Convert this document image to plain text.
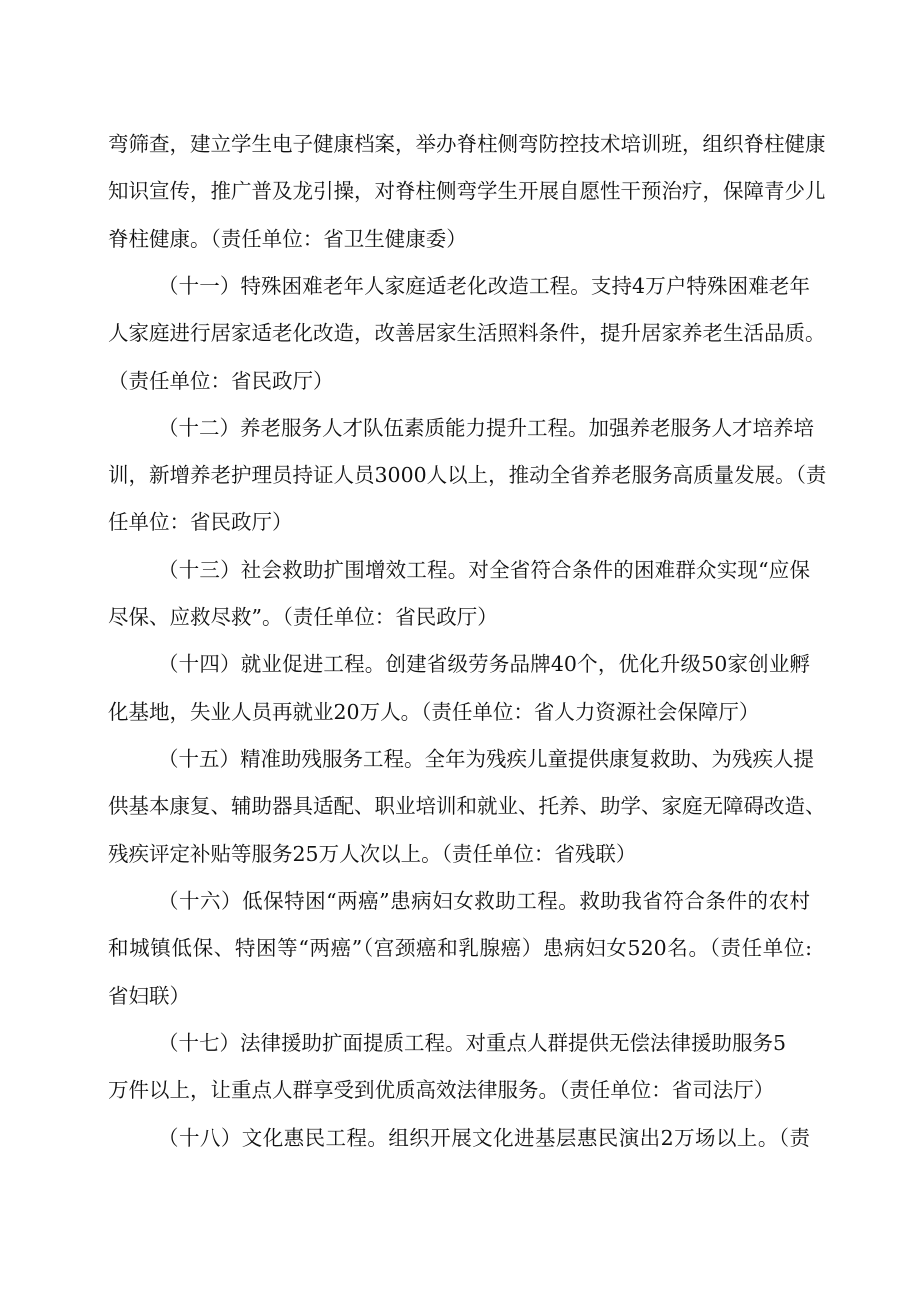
弯筛查，建立学生电子健康档案，举办脊柱侧弯防控技术培训班，组织脊柱健康
知识宣传，推广普及龙引操，对脊柱侧弯学生开展自愿性干预治疗，保障青少儿
脊柱健康。（责任单位：省卫生健康委）
（十一）特殊困难老年人家庭适老化改造工程。支持4万户特殊困难老年
人家庭进行居家适老化改造，改善居家生活照料条件，提升居家养老生活品质。
（责任单位：省民政厅）
（十二）养老服务人才队伍素质能力提升工程。加强养老服务人才培养培
训，新增养老护理员持证人员3000人以上，推动全省养老服务高质量发展。（责
任单位：省民政厅）
（十三）社会救助扩围增效工程。对全省符合条件的困难群众实现“应保
尽保、应救尽救”。（责任单位：省民政厅）
（十四）就业促进工程。创建省级劳务品牌40个，优化升级50家创业孵
化基地，失业人员再就业20万人。（责任单位：省人力资源社会保障厅）
（十五）精准助残服务工程。全年为残疾儿童提供康复救助、为残疾人提
供基本康复、辅助器具适配、职业培训和就业、托养、助学、家庭无障碍改造、
残疾评定补贴等服务25万人次以上。（责任单位：省残联）
（十六）低保特困“两癌”患病妇女救助工程。救助我省符合条件的农村
和城镇低保、特困等“两癌”（宫颈癌和乳腺癌）患病妇女520名。（责任单位:
省妇联）
（十七）法律援助扩面提质工程。对重点人群提供无偿法律援助服务5
万件以上，让重点人群享受到优质高效法律服务。（责任单位：省司法厅）
（十八）文化惠民工程。组织开展文化进基层惠民演出2万场以上。（责
